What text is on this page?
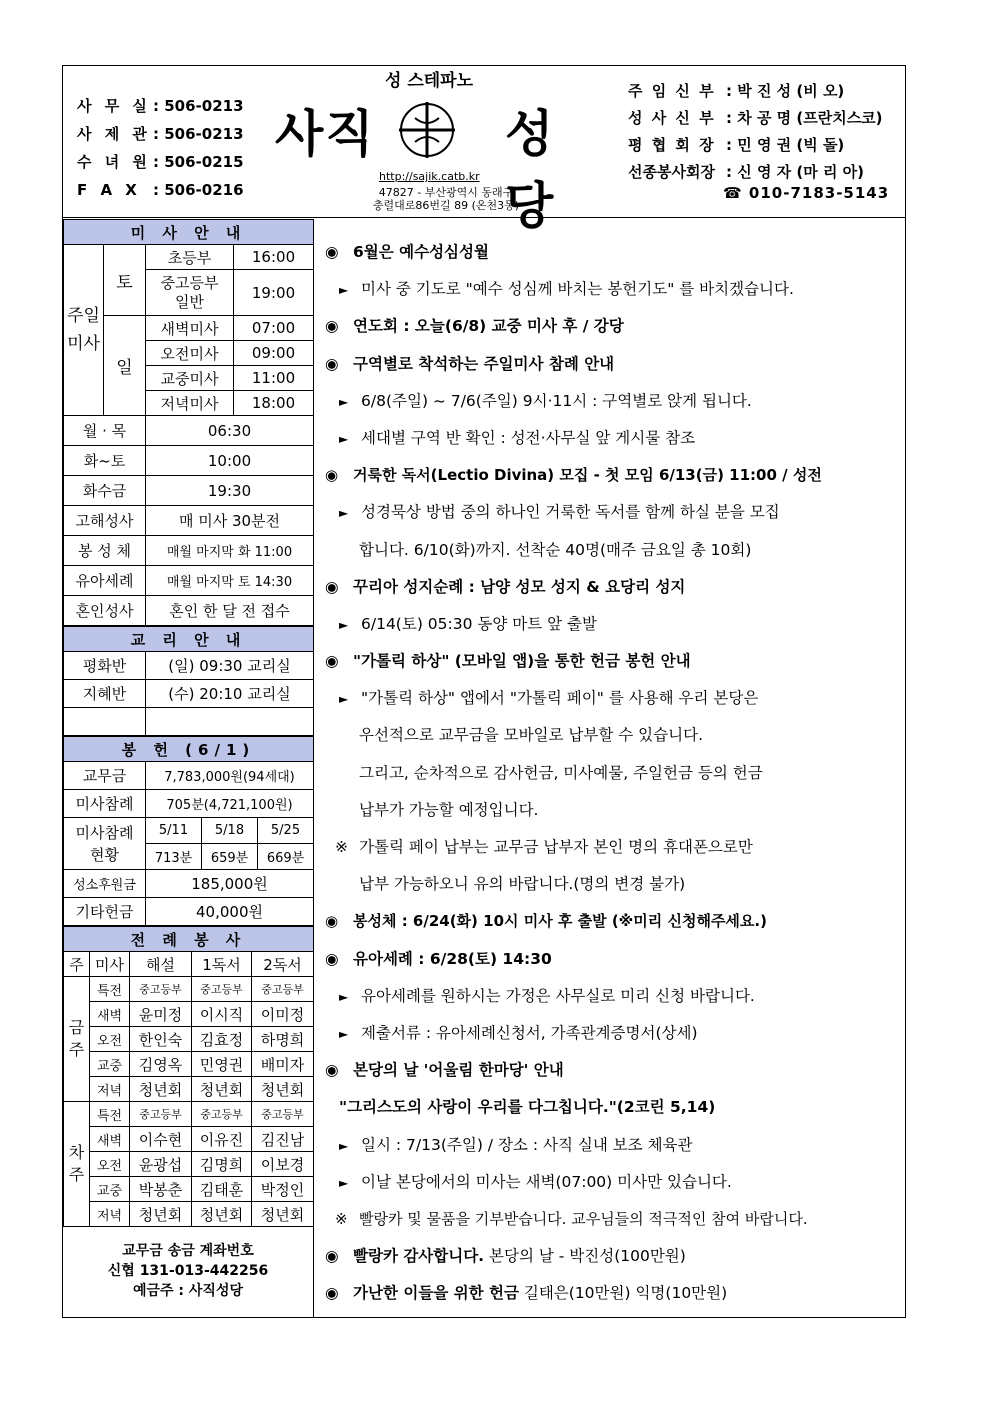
사 무 실 : 506-0213
사 제 관 : 506-0213
수 녀 원 : 506-0215
F A X : 506-0216
성 스테파노
사직	성당
http://sajik.catb.kr
47827 - 부산광역시 동래구
충렬대로86번길 89 (온천3동)
주 임 신 부 : 박 진 성 (비 오)
성 사 신 부 : 차 공 명 (프란치스코)
평 협 회 장 : 민 영 권 (빅 돌)
선종봉사회장 : 신 영 자 (마 리 아)
☎ 010-7183-5143
미 사 안 내			
주일미사	토	초등부	16:00
		중고등부
일반	19:00
	일	새벽미사	07:00
		오전미사	09:00
		교중미사	11:00
		저녁미사	18:00
월 · 목		06:30	
화~토		10:00	
화수금		19:30	
고해성사		매 미사 30분전	
봉 성 체		매월 마지막 화 11:00	
유아세례		매월 마지막 토 14:30	
혼인성사		혼인 한 달 전 접수	
교 리 안 내	
평화반	(일) 09:30 교리실
지혜반	(수) 20:10 교리실

봉 헌 (6/1)			
교무금	7,783,000원(94세대)		
미사참례	705분(4,721,100원)		
미사참례
현황	5/11	5/18	5/25
	713분	659분	669분
성소후원금	185,000원		
기타헌금	40,000원		
전 례 봉 사				
주	미사	해설	1독서	2독서
금주	특전	중고등부	중고등부	중고등부
	새벽	윤미정	이시직	이미정
	오전	한인숙	김효정	하명희
	교중	김영옥	민영권	배미자
	저녁	청년회	청년회	청년회
차주	특전	중고등부	중고등부	중고등부
	새벽	이수현	이유진	김진남
	오전	윤광섭	김명희	이보경
	교중	박봉춘	김태훈	박정인
	저녁	청년회	청년회	청년회
교무금 송금 계좌번호
신협 131-013-442256
예금주 : 사직성당
◉ 6월은 예수성심성월
► 미사 중 기도로 "예수 성심께 바치는 봉헌기도" 를 바치겠습니다.
◉ 연도회 : 오늘(6/8) 교중 미사 후 / 강당
◉ 구역별로 착석하는 주일미사 참례 안내
► 6/8(주일) ~ 7/6(주일) 9시·11시 : 구역별로 앉게 됩니다.
► 세대별 구역 반 확인 : 성전·사무실 앞 게시물 참조
◉ 거룩한 독서(Lectio Divina) 모집 - 첫 모임 6/13(금) 11:00 / 성전
► 성경묵상 방법 중의 하나인 거룩한 독서를 함께 하실 분을 모집
합니다. 6/10(화)까지. 선착순 40명(매주 금요일 총 10회)
◉ 꾸리아 성지순례 : 남양 성모 성지 & 요당리 성지
► 6/14(토) 05:30 동양 마트 앞 출발
◉ "가톨릭 하상" (모바일 앱)을 통한 헌금 봉헌 안내
► "가톨릭 하상" 앱에서 "가톨릭 페이" 를 사용해 우리 본당은
우선적으로 교무금을 모바일로 납부할 수 있습니다.
그리고, 순차적으로 감사헌금, 미사예물, 주일헌금 등의 헌금
납부가 가능할 예정입니다.
※ 가톨릭 페이 납부는 교무금 납부자 본인 명의 휴대폰으로만
납부 가능하오니 유의 바랍니다.(명의 변경 불가)
◉ 봉성체 : 6/24(화) 10시 미사 후 출발 (※미리 신청해주세요.)
◉ 유아세례 : 6/28(토) 14:30
► 유아세례를 원하시는 가정은 사무실로 미리 신청 바랍니다.
► 제출서류 : 유아세례신청서, 가족관계증명서(상세)
◉ 본당의 날 '어울림 한마당' 안내
"그리스도의 사랑이 우리를 다그칩니다."(2코린 5,14)
► 일시 : 7/13(주일) / 장소 : 사직 실내 보조 체육관
► 이날 본당에서의 미사는 새벽(07:00) 미사만 있습니다.
※ 빨랑카 및 물품을 기부받습니다. 교우님들의 적극적인 참여 바랍니다.
◉ 빨랑카 감사합니다. 본당의 날 - 박진성(100만원)
◉ 가난한 이들을 위한 헌금 길태은(10만원) 익명(10만원)
